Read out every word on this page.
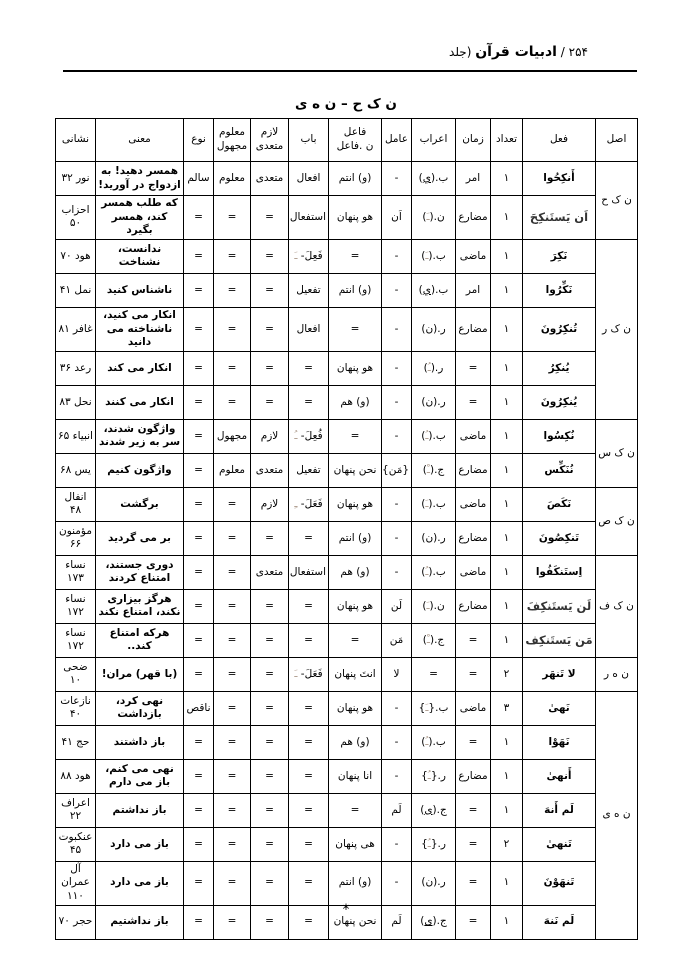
۲۵۴ / ادبیات قرآن (جلد
ن ک ح – ن ه ی
اصل	فعل	تعداد	زمان	اعراب	عامل	فاعل
ن .فاعل	باب	لازم
متعدی	معلوم
مجهول	نوع	معنی	نشانی
ن ک ح	أَنكِحُوا	۱	امر	ب.(ي)	-	(و) انتم	افعال	متعدی	معلوم	سالم	همسر دهید! به ازدواج در آورید!	نور ۳۲
	اَن يَستَنكِحَ	۱	مضارع	ن.(ـَ)	اَن	هو پنهان	استفعال	=	=	=	که طلب همسر کند، همسر بگیرد	احزاب ۵۰
ن ک ر	نَكِرَ	۱	ماضی	ب.(ـَ)	-	=	فَعِلَ- ـَ	=	=	=	ندانست، نشناخت	هود ۷۰
	نَكِّرُوا	۱	امر	ب.(ي)	-	(و) انتم	تفعیل	=	=	=	ناشناس کنید	نمل ۴۱
	تُنكِرُونَ	۱	مضارع	ر.(ن)	-	=	افعال	=	=	=	انکار می کنید، ناشناخته می دانید	غافر ۸۱
	يُنكِرُ	۱	=	ر.(ـُ)	-	هو پنهان	=	=	=	=	انکار می کند	رعد ۳۶
	يُنكِرُونَ	۱	=	ر.(ن)	-	(و) هم	=	=	=	=	انکار می کنند	نحل ۸۳
ن ک س	نُكِسُوا	۱	ماضی	ب.(ـُ)	-	=	فُعِلَ- ـُ	لازم	مجهول	=	واژگون شدند، سر به زیر شدند	انبیاء ۶۵
	نُنَكِّس	۱	مضارع	ج.(ـْ)	{مَن}	نحن پنهان	تفعیل	متعدی	معلوم	=	واژگون کنیم	یس ۶۸
ن ک ص	نَكَصَ	۱	ماضی	ب.(ـَ)	-	هو پنهان	فَعَلَ- ـِ	لازم	=	=	برگشت	انفال ۴۸
	تَنكِصُونَ	۱	مضارع	ر.(ن)	-	(و) انتم	=	=	=	=	بر می گردید	مؤمنون ۶۶
ن ک ف	اِستَنكَفُوا	۱	ماضی	ب.(ـُ)	-	(و) هم	استفعال	متعدی	=	=	دوری جستند، امتناع کردند	نساء ۱۷۳
	لَن يَستَنكِفَ	۱	مضارع	ن.(ـَ)	لَن	هو پنهان	=	=	=	=	هرگز بیزاری نکند، امتناع نکند	نساء ۱۷۲
	مَن يَستَنكِف	۱	=	ج.(ـْ)	مَن	=	=	=	=	=	هرکه امتناع کند..	نساء ۱۷۲
ن ه ر	لا تَنهَر	۲	=	=	لا	انتَ پنهان	فَعَلَ- ـَ	=	=	=	(با قهر) مران!	ضحی ۱۰
ن ه ی	نَهیٰ	۳	ماضی	ب.{ـَ}	-	هو پنهان	=	=	=	ناقص	نهی کرد، بازداشت	نازعات ۴۰
	نَهَوْا	۱	=	ب.(ـُ)	-	(و) هم	=	=	=	=	باز داشتند	حج ۴۱
	أَنهیٰ	۱	مضارع	ر.{ـُ}	-	انا پنهان	=	=	=	=	نهی می کنم، باز می دارم	هود ۸۸
	لَم أَنهَ	۱	=	ج.(ی)	لَم	=	=	=	=	=	باز نداشتم	اعراف ۲۲
	تَنهیٰ	۲	=	ر.{ـُ}	-	هی پنهان	=	=	=	=	باز می دارد	عنکبوت ۴۵
	تَنهَوْنَ	۱	=	ر.(ن)	-	(و) انتم	=	=	=	=	باز می دارد	آل عمران ۱۱۰
	لَم نَنهَ	۱	=	ج.(ی)	لَم	نحن پنهان	=	=	=	=	باز نداشتیم	حجر ۷۰
*
